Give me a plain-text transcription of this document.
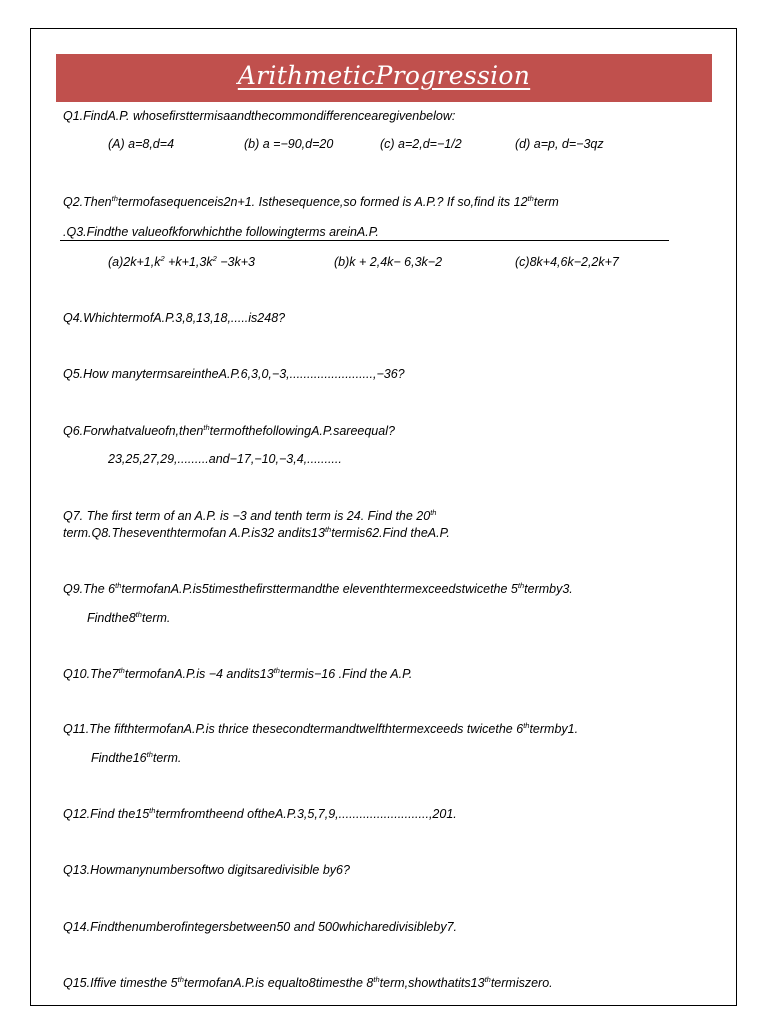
ArithmeticProgression
Q1.FindA.P. whosefirsttermisaandthecommondifferencearegivenbelow:
(A) a=8,d=4	(b) a =−90,d=20	(c) a=2,d=−1/2	(d) a=p, d=−3qz
Q2.Then$^{th}$termofasequenceis2n+1. Isthesequence,so formed is A.P.? If so,find its 12thterm
.Q3.Findthe valueofkforwhichthe followingterms areinA.P.
$(a)2k+1,k^2 +k+1,3k^2 -3k+3$	(b)k + 2,4k− 6,3k−2	(c)8k+4,6k−2,2k+7
Q4.WhichtermofA.P.3,8,13,18,.....is248?
Q5.How manytermsareintheA.P.6,3,0,−3,........................,−36?
Q6.Forwhatvalueofn,then$^{th}$termofthefollowingA.P.sareequal?
23,25,27,29,.........and−17,−10,−3,4,..........
Q7. The first term of an A.P. is −3 and tenth term is 24. Find the 20th
term.Q8.Theseventhtermofan A.P.is32 andits13thtermis62.Find theA.P.
Q9.The 6thtermofanA.P.is5timesthefirsttermandthe eleventhtermexceedstwicethe 5thtermby3.
Findthe8thterm.
Q10.The7thtermofanA.P.is −4 andits13thtermis−16 .Find the A.P.
Q11.The fifthtermofanA.P.is thrice thesecondtermandtwelfthtermexceeds twicethe 6thtermby1.
Findthe16thterm.
Q12.Find the15thtermfromtheend oftheA.P.3,5,7,9,..........................,201.
Q13.Howmanynumbersoftwo digitsaredivisible by6?
Q14.Findthenumberofintegersbetween50 and 500whicharedivisibleby7.
Q15.Iffive timesthe 5thtermofanA.P.is equalto8timesthe 8thterm,showthatits13thtermiszero.
